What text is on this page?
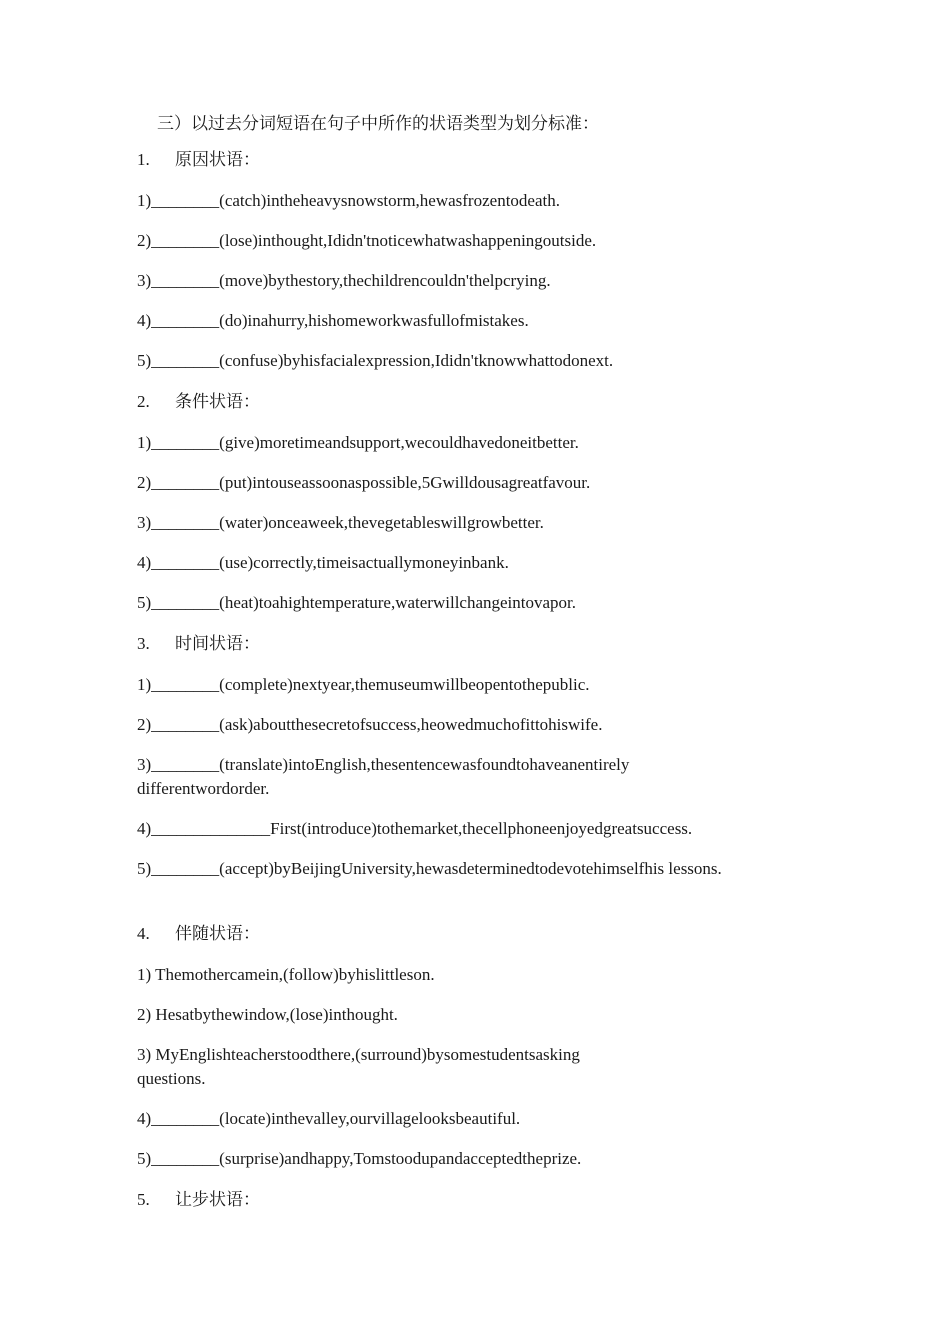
三）以过去分词短语在句子中所作的状语类型为划分标准：
1. 原因状语：
1)________(catch)intheheavysnowstorm,hewasfrozentodeath.
2)________(lose)inthought,Ididn'tnoticewhatwashappeningoutside.
3)________(move)bythestory,thechildrencouldn'thelpcrying.
4)________(do)inahurry,hishomeworkwasfullofmistakes.
5)________(confuse)byhisfacialexpression,Ididn'tknowwhattodonext.
2. 条件状语：
1)________(give)moretimeandsupport,wecouldhavedoneitbetter.
2)________(put)intouseassoonaspossible,5Gwilldousagreatfavour.
3)________(water)onceaweek,thevegetableswillgrowbetter.
4)________(use)correctly,timeisactuallymoneyinbank.
5)________(heat)toahightemperature,waterwillchangeintovapor.
3. 时间状语：
1)________(complete)nextyear,themuseumwillbeopentothepublic.
2)________(ask)aboutthesecretofsuccess,heowedmuchofittohiswife.
3)________(translate)intoEnglish,thesentencewasfoundtohaveanentirely differentwordorder.
4)______________First(introduce)tothemarket,thecellphoneenjoyedgreatsuccess.
5)________(accept)byBeijingUniversity,hewasdeterminedtodevotehimselfhis lessons.
4. 伴随状语：
1) Themothercamein,(follow)byhislittleson.
2) Hesatbythewindow,(lose)inthought.
3) MyEnglishteacherstoodthere,(surround)bysomestudentsasking questions.
4)________(locate)inthevalley,ourvillagelooksbeautiful.
5)________(surprise)andhappy,Tomstoodupandacceptedtheprize.
5. 让步状语：
